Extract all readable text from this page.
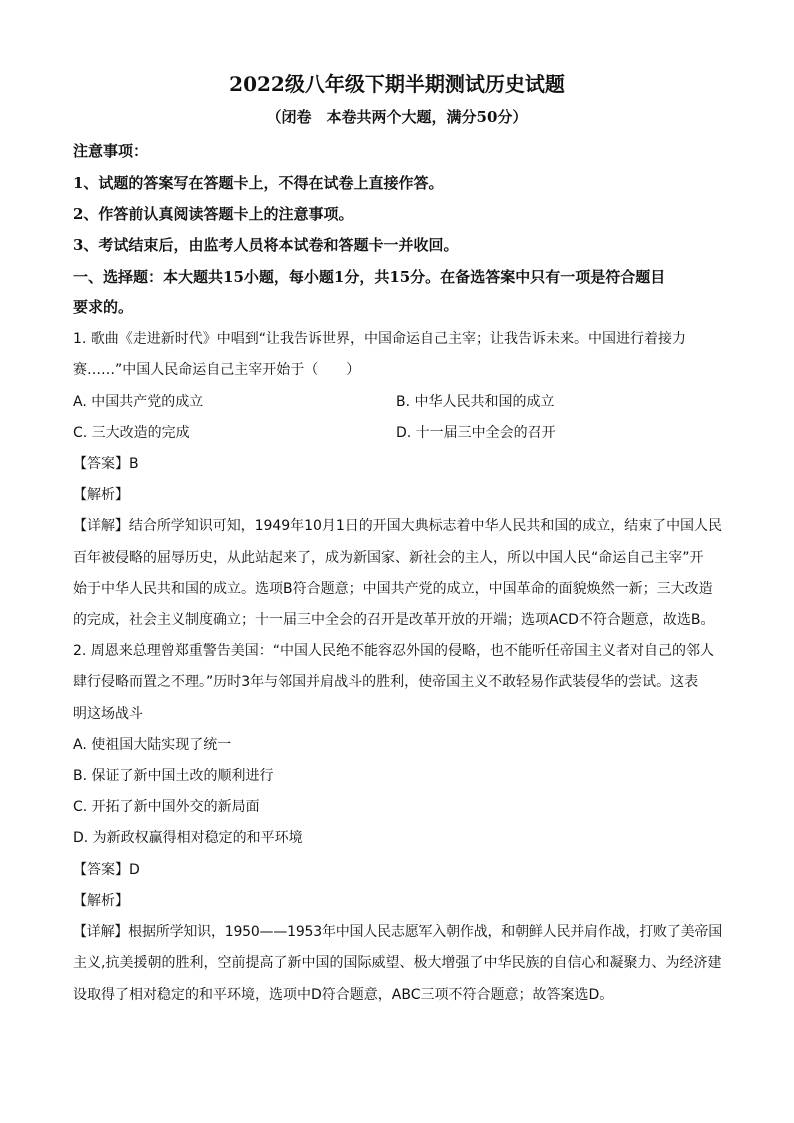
2022级八年级下期半期测试历史试题
（闭卷　本卷共两个大题，满分50分）
注意事项：
1、试题的答案写在答题卡上，不得在试卷上直接作答。
2、作答前认真阅读答题卡上的注意事项。
3、考试结束后，由监考人员将本试卷和答题卡一并收回。
一、选择题：本大题共15小题，每小题1分，共15分。在备选答案中只有一项是符合题目
要求的。
1. 歌曲《走进新时代》中唱到“让我告诉世界，中国命运自己主宰；让我告诉未来。中国进行着接力
赛……”中国人民命运自己主宰开始于（　　）
A. 中国共产党的成立	B. 中华人民共和国的成立
C. 三大改造的完成	D. 十一届三中全会的召开
【答案】B
【解析】
【详解】结合所学知识可知，1949年10月1日的开国大典标志着中华人民共和国的成立，结束了中国人民
百年被侵略的屈辱历史，从此站起来了，成为新国家、新社会的主人，所以中国人民“命运自己主宰”开
始于中华人民共和国的成立。选项B符合题意；中国共产党的成立，中国革命的面貌焕然一新；三大改造
的完成，社会主义制度确立；十一届三中全会的召开是改革开放的开端；选项ACD不符合题意，故选B。
2. 周恩来总理曾郑重警告美国：“中国人民绝不能容忍外国的侵略，也不能听任帝国主义者对自己的邻人
肆行侵略而置之不理。”历时3年与邻国并肩战斗的胜利，使帝国主义不敢轻易作武装侵华的尝试。这表
明这场战斗
A. 使祖国大陆实现了统一
B. 保证了新中国土改的顺利进行
C. 开拓了新中国外交的新局面
D. 为新政权赢得相对稳定的和平环境
【答案】D
【解析】
【详解】根据所学知识，1950——1953年中国人民志愿军入朝作战，和朝鲜人民并肩作战，打败了美帝国
主义,抗美援朝的胜利，空前提高了新中国的国际威望、极大增强了中华民族的自信心和凝聚力、为经济建
设取得了相对稳定的和平环境，选项中D符合题意，ABC三项不符合题意；故答案选D。
